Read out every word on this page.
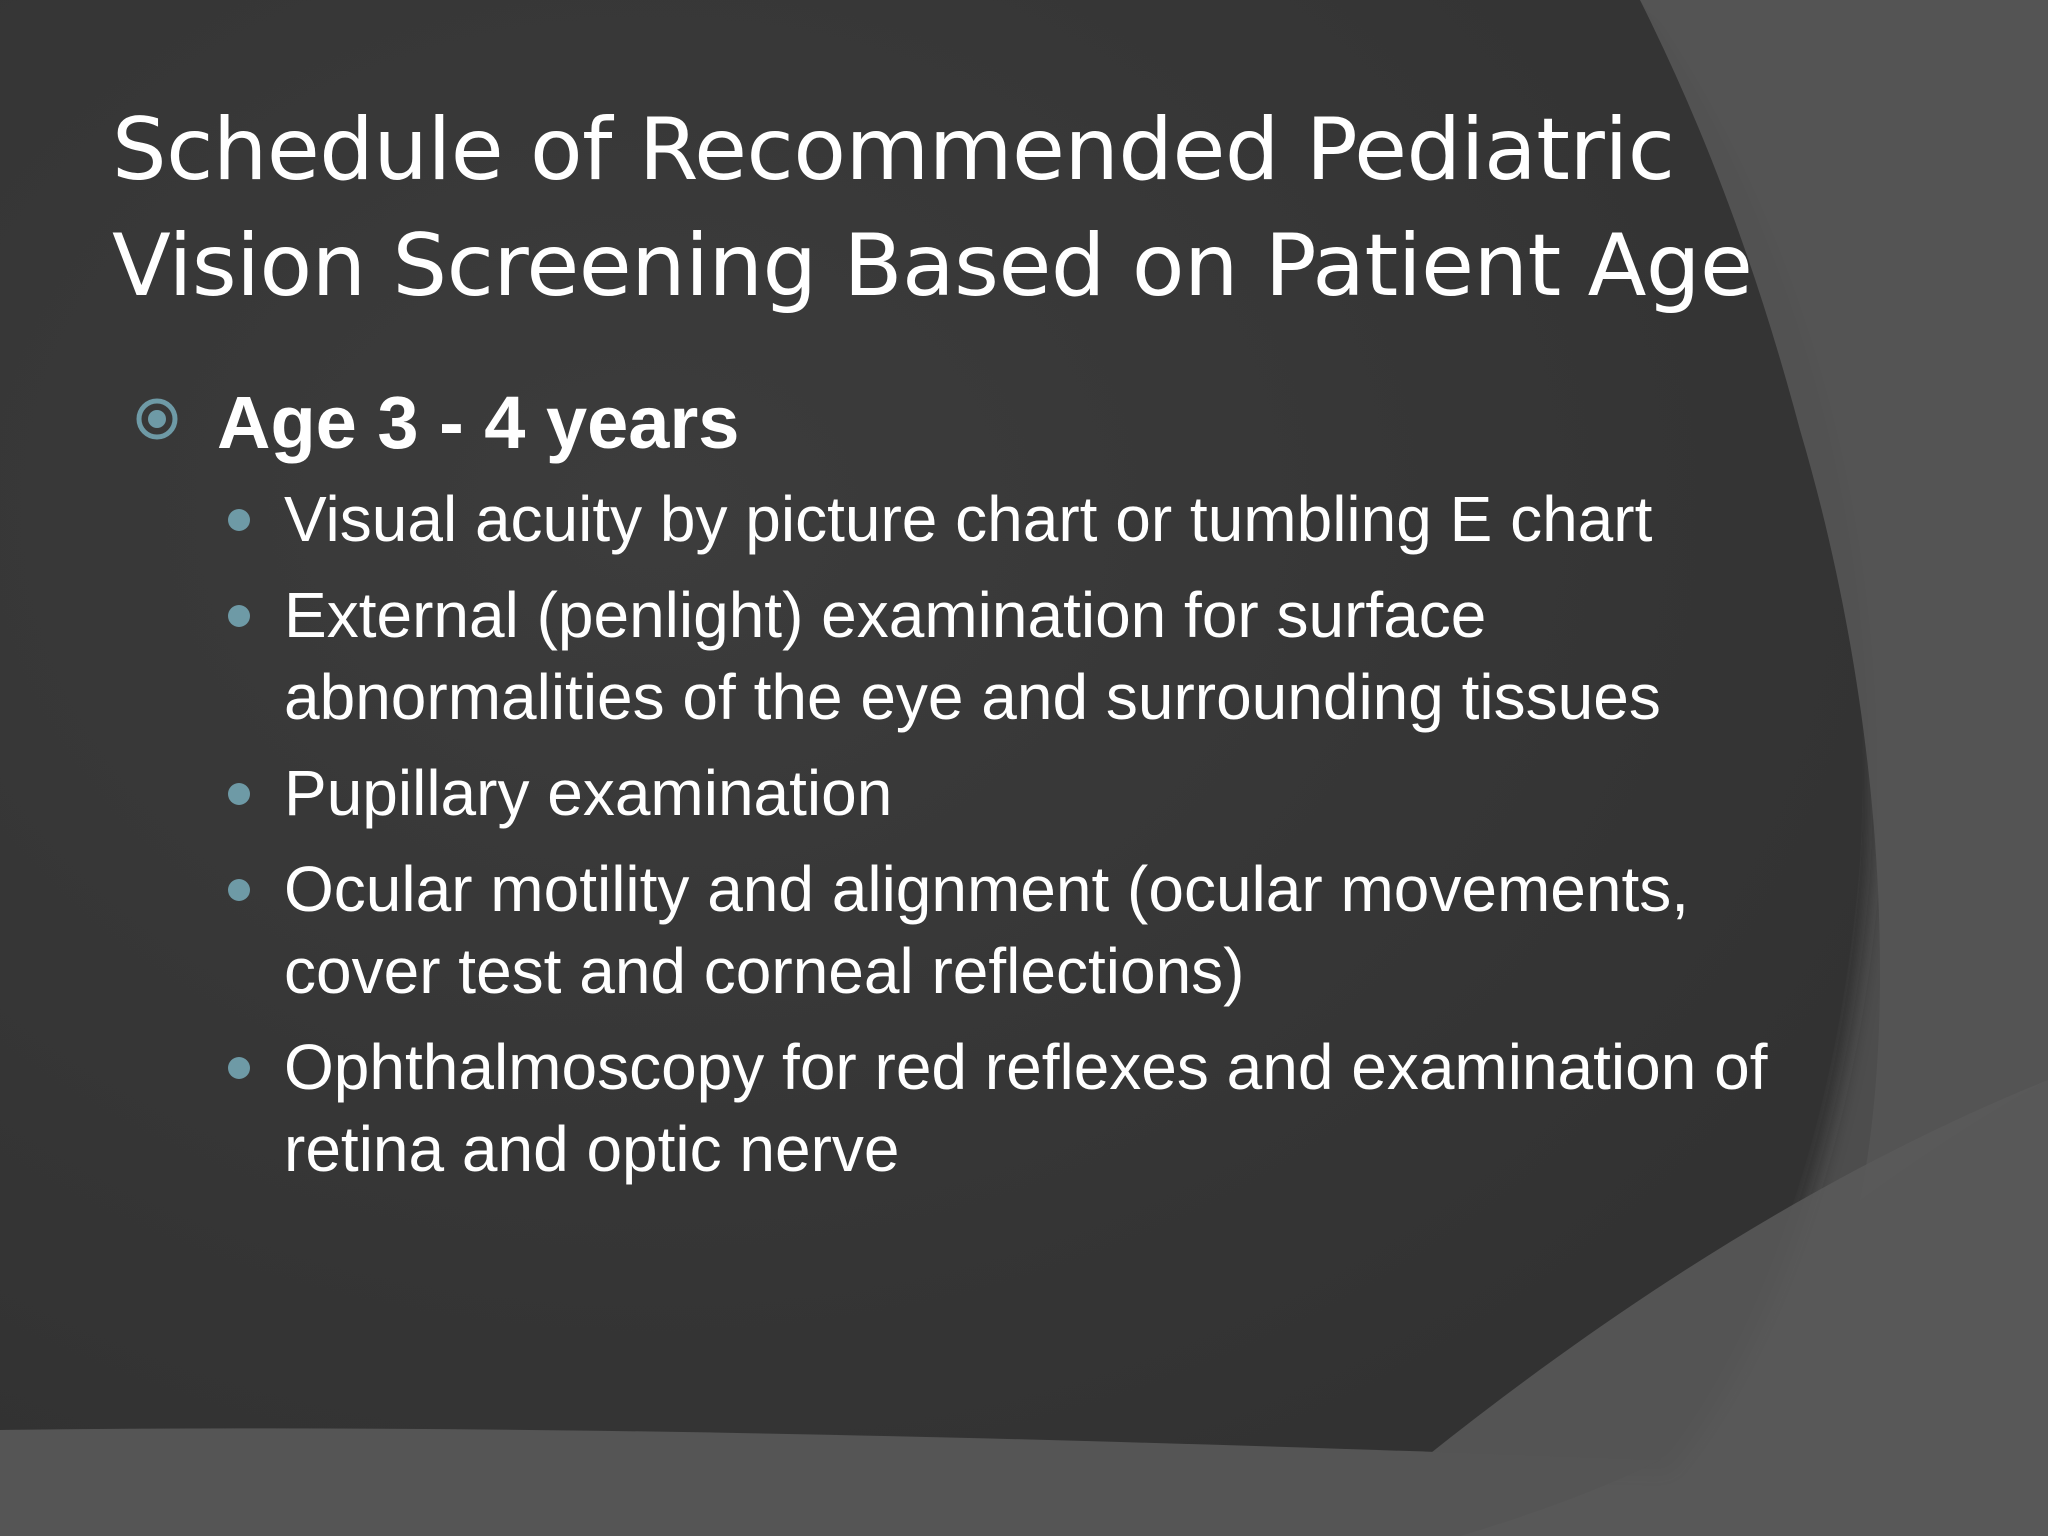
Schedule of Recommended Pediatric
Vision Screening Based on Patient Age
Age 3 - 4 years
Visual acuity by picture chart or tumbling E chart
External (penlight) examination for surface abnormalities of the eye and surrounding tissues
Pupillary examination
Ocular motility and alignment (ocular movements, cover test and corneal reflections)
Ophthalmoscopy for red reflexes and examination of retina and optic nerve
